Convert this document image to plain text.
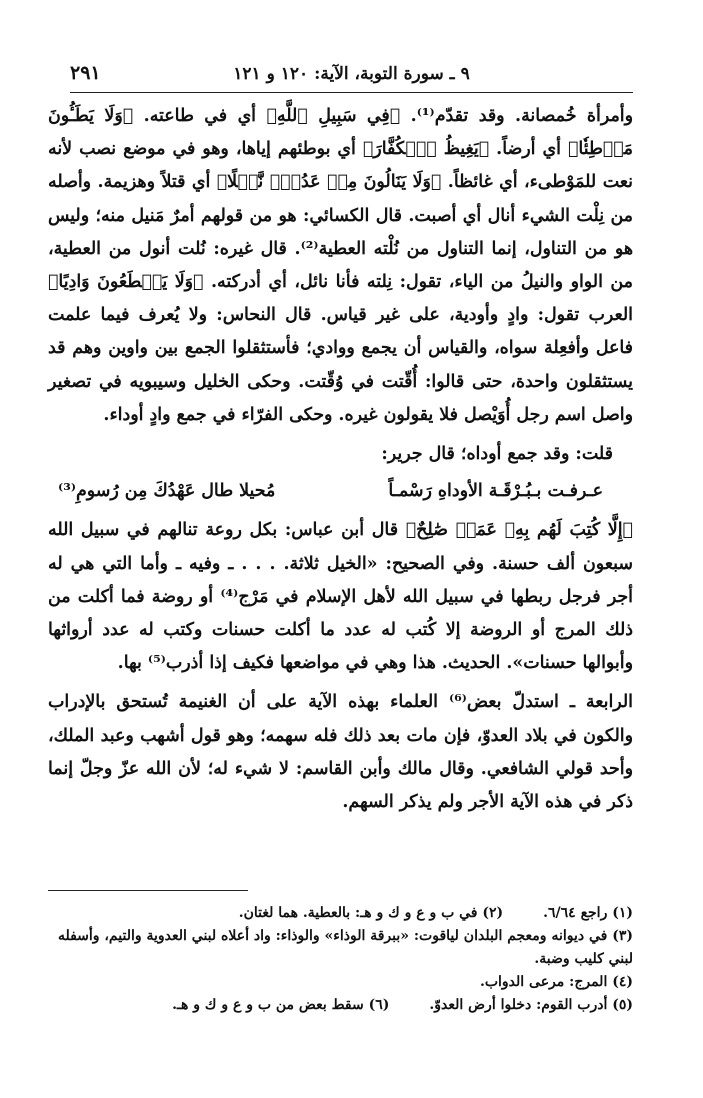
٩ ـ سورة التوبة، الآية: ١٢٠ و ١٢١
٢٩١

وأمرأة خُمصانة. وقد تقدّم⁽¹⁾. ﴿فِي سَبِيلِ ٱللَّهِ﴾ أي في طاعته. ﴿وَلَا يَطَـُٔونَ مَوۡطِئٗا﴾ أي أرضاً. ﴿يَغِيظُ ٱلۡكُفَّارَ﴾ أي بوطئهم إياها، وهو في موضع نصب لأنه نعت للمَوْطىء، أي غائظاً. ﴿وَلَا يَنَالُونَ مِنۡ عَدُوّٖ نَّيۡلًا﴾ أي قتلاً وهزيمة. وأصله من نِلْت الشيء أنال أي أصبت. قال الكسائي: هو من قولهم أمرٌ مَنيل منه؛ وليس هو من التناول، إنما التناول من نُلْته العطية⁽²⁾. قال غيره: نُلت أنول من العطية، من الواو والنيلُ من الياء، تقول: نِلته فأنا نائل، أي أدركته. ﴿وَلَا يَقۡطَعُونَ وَادِيًا﴾ العرب تقول: وادٍ وأودية، على غير قياس. قال النحاس: ولا يُعرف فيما علمت فاعل وأفعِلة سواه، والقياس أن يجمع ووادي؛ فأستثقلوا الجمع بين واوين وهم قد يستثقلون واحدة، حتى قالوا: أُقّتت في وُقّتت. وحكى الخليل وسيبويه في تصغير واصل اسم رجل أُوَيْصل فلا يقولون غيره. وحكى الفرّاء في جمع وادٍ أوداء.

قلت: وقد جمع أوداه؛ قال جرير:

عـرفـت بـبُـرْقَـة الأوداهِ رَسْمـاً
مُحيلا طال عَهْدُكَ مِن رُسومِ⁽³⁾

﴿إِلَّا كُتِبَ لَهُم بِهِۦ عَمَلٞ صَٰلِحٌ﴾ قال أبن عباس: بكل روعة تنالهم في سبيل الله سبعون ألف حسنة. وفي الصحيح: «الخيل ثلاثة. . . . ـ وفيه ـ وأما التي هي له أجر فرجل ربطها في سبيل الله لأهل الإسلام في مَرْج⁽⁴⁾ أو روضة فما أكلت من ذلك المرج أو الروضة إلا كُتب له عدد ما أكلت حسنات وكتب له عدد أرواثها وأبوالها حسنات». الحديث. هذا وهي في مواضعها فكيف إذا أذرب⁽⁵⁾ بها.

الرابعة ـ استدلّ بعض⁽⁶⁾ العلماء بهذه الآية على أن الغنيمة تُستحق بالإدراب والكون في بلاد العدوّ، فإن مات بعد ذلك فله سهمه؛ وهو قول أشهب وعبد الملك، وأحد قولي الشافعي. وقال مالك وأبن القاسم: لا شيء له؛ لأن الله عزّ وجلّ إنما ذكر في هذه الآية الأجر ولم يذكر السهم.

(١) راجع ٦/٦٤.
(٢) في ب و ع و ك و هـ: بالعطية. هما لغتان.
(٣) في ديوانه ومعجم البلدان لياقوت: «ببرقة الوذاء» والوذاء: واد أعلاه لبني العدوية والتيم، وأسفله لبني كليب وضبة.
(٤) المرج: مرعى الدواب.
(٥) أدرب القوم: دخلوا أرض العدوّ.
(٦) سقط بعض من ب و ع و ك و هـ.
